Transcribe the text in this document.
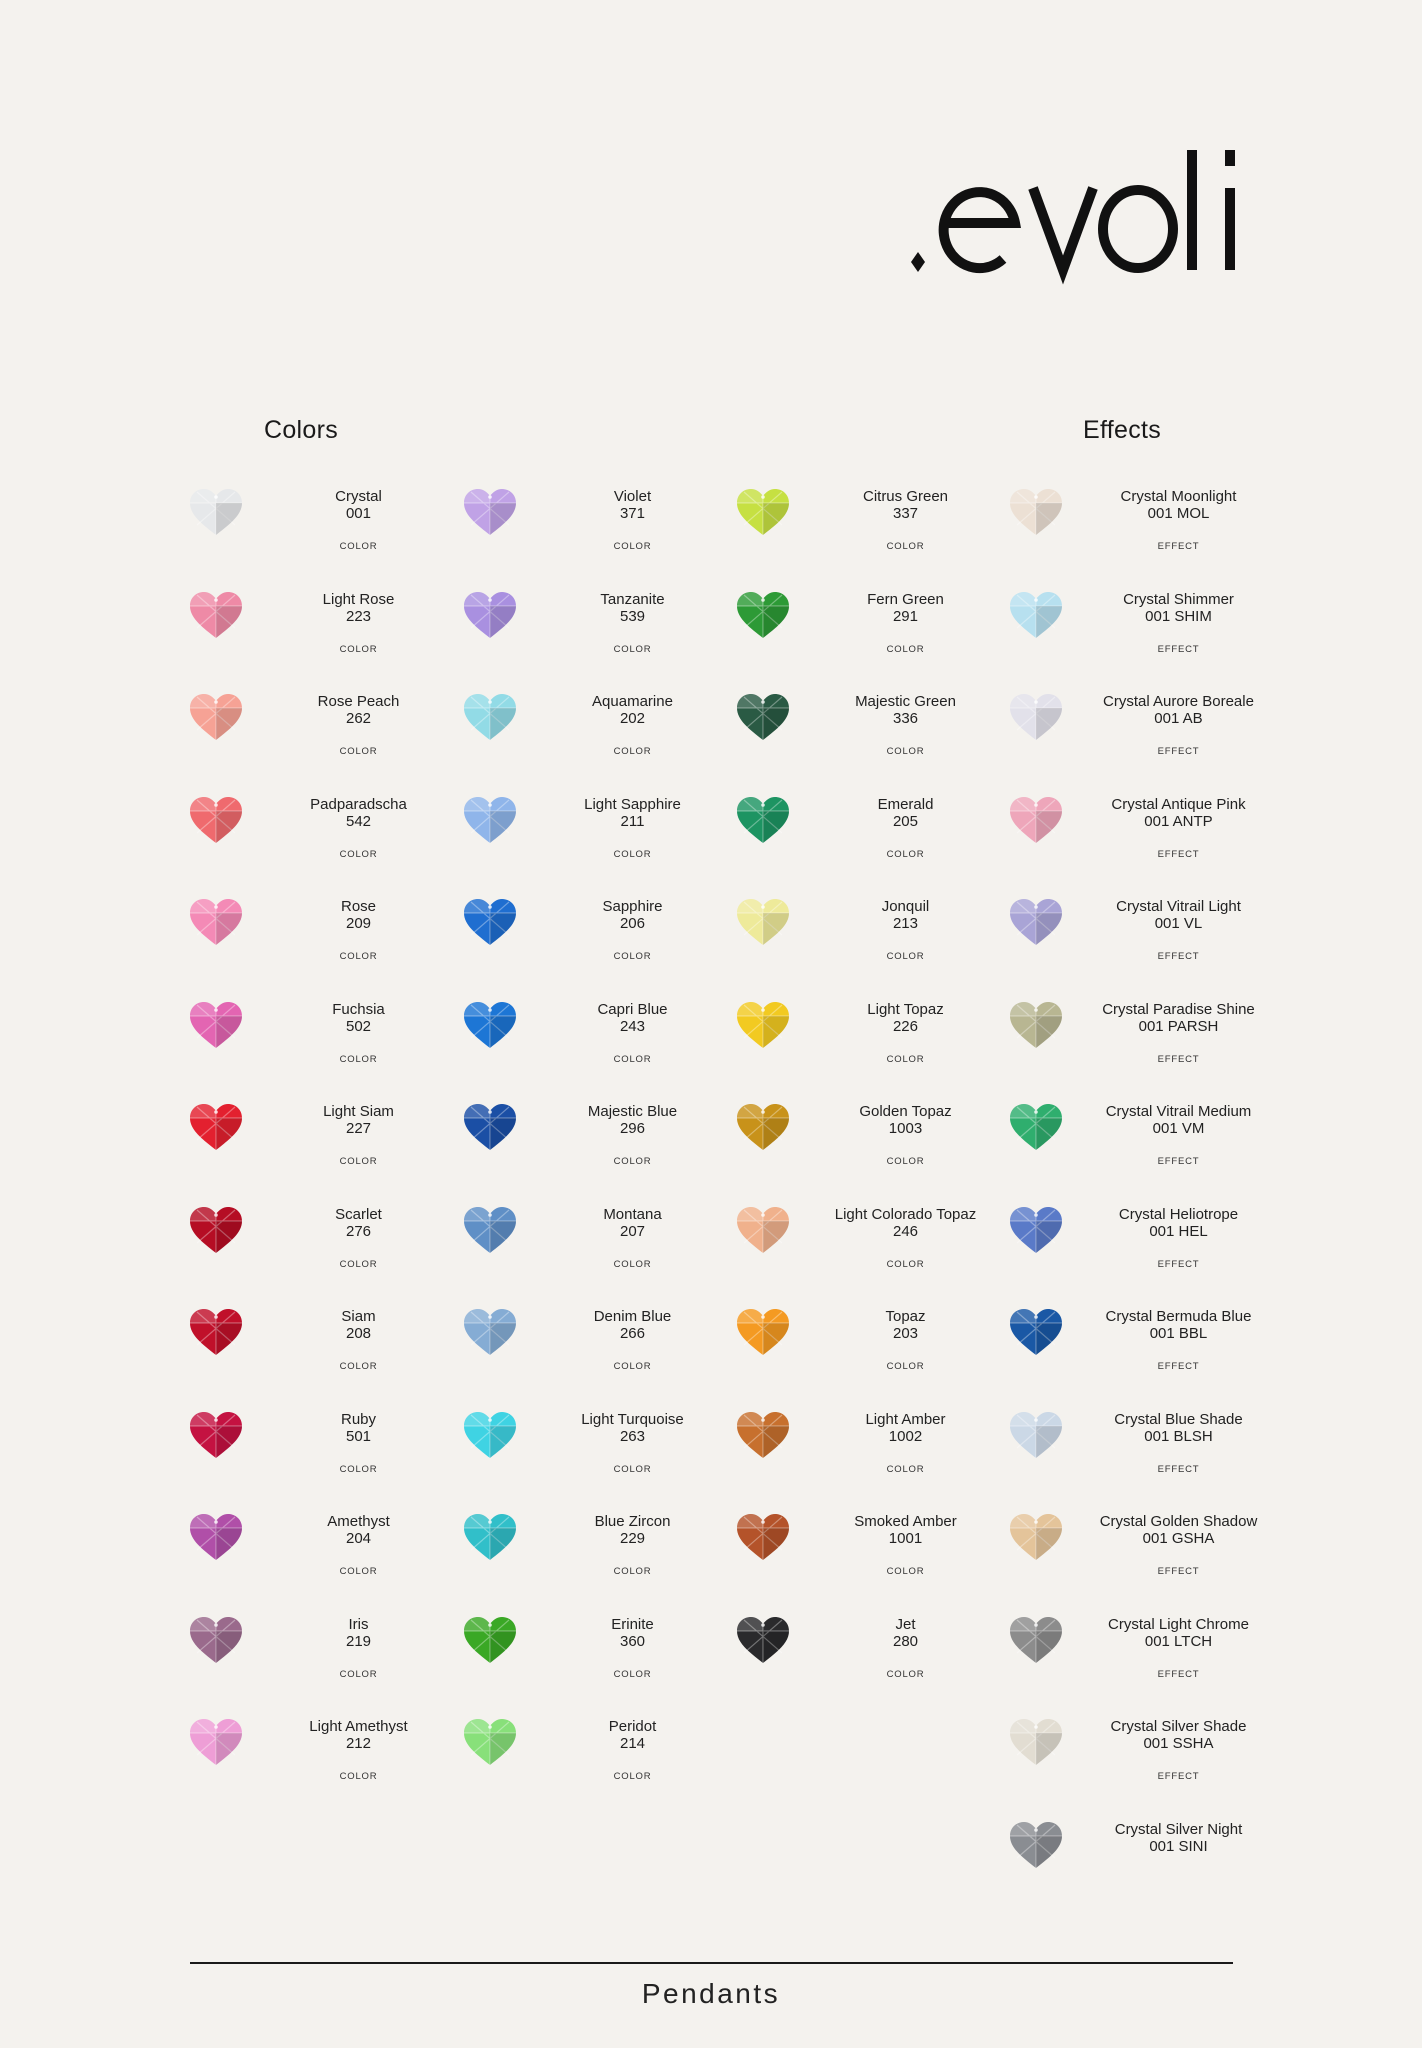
Colors	Effects
Crystal
001
COLOR
Light Rose
223
COLOR
Rose Peach
262
COLOR
Padparadscha
542
COLOR
Rose
209
COLOR
Fuchsia
502
COLOR
Light Siam
227
COLOR
Scarlet
276
COLOR
Siam
208
COLOR
Ruby
501
COLOR
Amethyst
204
COLOR
Iris
219
COLOR
Light Amethyst
212
COLOR
Violet
371
COLOR
Tanzanite
539
COLOR
Aquamarine
202
COLOR
Light Sapphire
211
COLOR
Sapphire
206
COLOR
Capri Blue
243
COLOR
Majestic Blue
296
COLOR
Montana
207
COLOR
Denim Blue
266
COLOR
Light Turquoise
263
COLOR
Blue Zircon
229
COLOR
Erinite
360
COLOR
Peridot
214
COLOR
Citrus Green
337
COLOR
Fern Green
291
COLOR
Majestic Green
336
COLOR
Emerald
205
COLOR
Jonquil
213
COLOR
Light Topaz
226
COLOR
Golden Topaz
1003
COLOR
Light Colorado Topaz
246
COLOR
Topaz
203
COLOR
Light Amber
1002
COLOR
Smoked Amber
1001
COLOR
Jet
280
COLOR
Crystal Moonlight
001 MOL
EFFECT
Crystal Shimmer
001 SHIM
EFFECT
Crystal Aurore Boreale
001 AB
EFFECT
Crystal Antique Pink
001 ANTP
EFFECT
Crystal Vitrail Light
001 VL
EFFECT
Crystal Paradise Shine
001 PARSH
EFFECT
Crystal Vitrail Medium
001 VM
EFFECT
Crystal Heliotrope
001 HEL
EFFECT
Crystal Bermuda Blue
001 BBL
EFFECT
Crystal Blue Shade
001 BLSH
EFFECT
Crystal Golden Shadow
001 GSHA
EFFECT
Crystal Light Chrome
001 LTCH
EFFECT
Crystal Silver Shade
001 SSHA
EFFECT
Crystal Silver Night
001 SINI
Pendants
